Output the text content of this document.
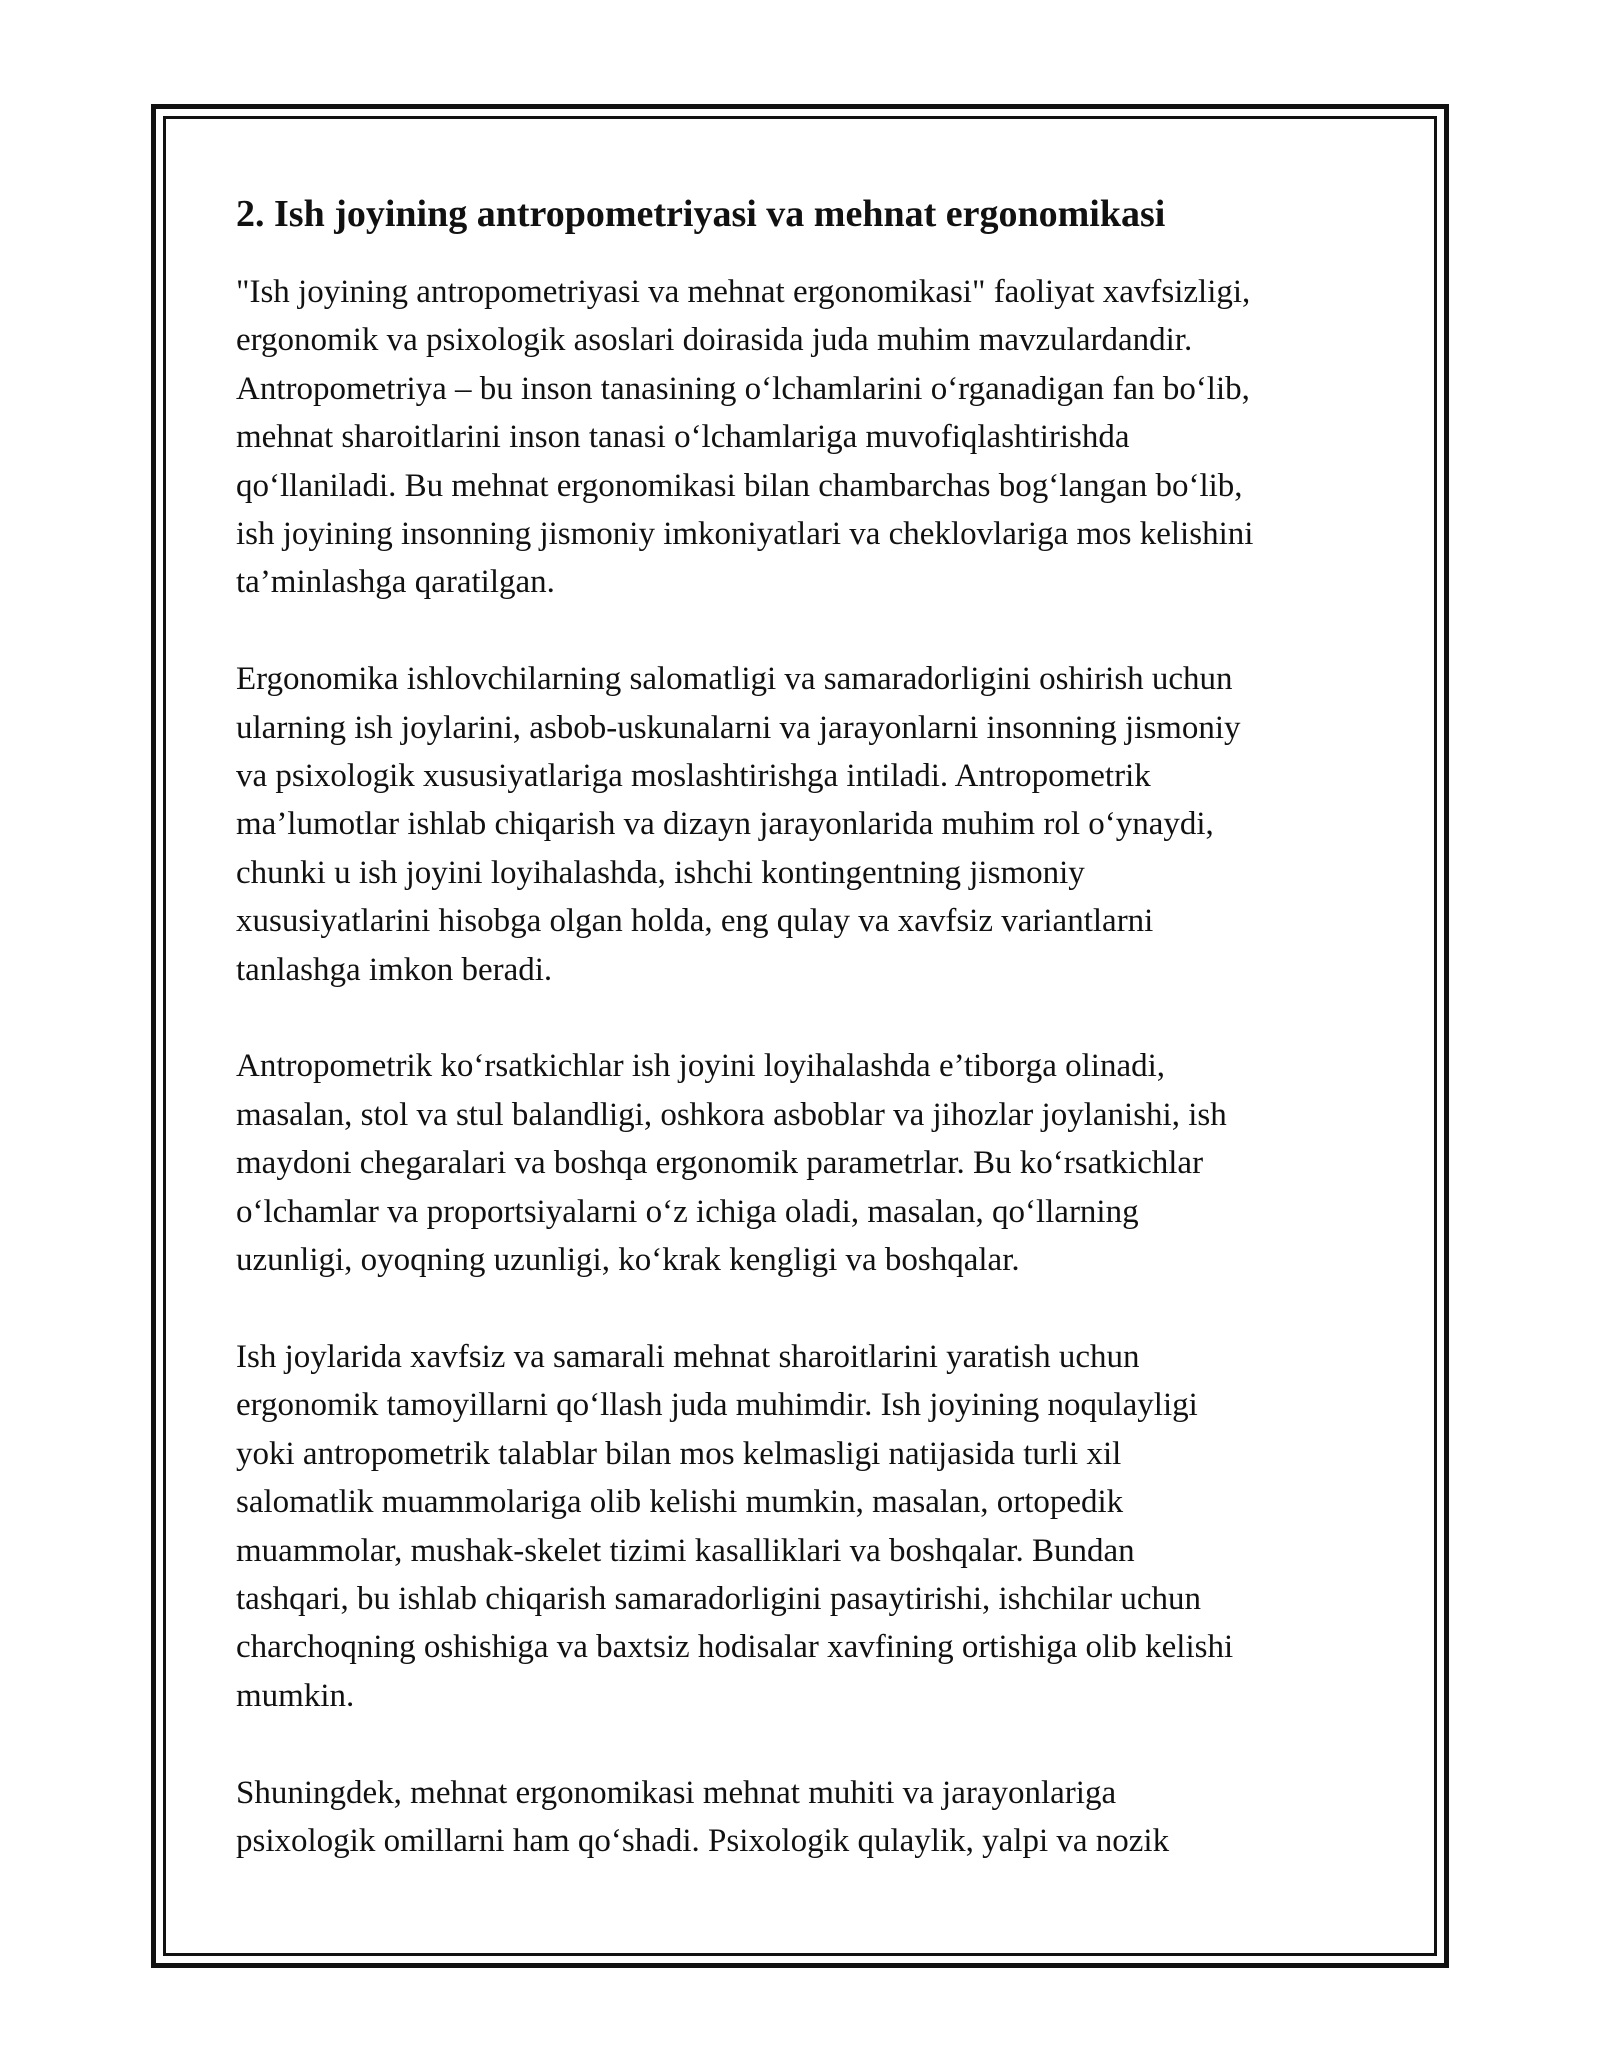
2. Ish joyining antropometriyasi va mehnat ergonomikasi

"Ish joyining antropometriyasi va mehnat ergonomikasi" faoliyat xavfsizligi,

ergonomik va psixologik asoslari doirasida juda muhim mavzulardandir.

Antropometriya – bu inson tanasining oʻlchamlarini oʻrganadigan fan boʻlib,

mehnat sharoitlarini inson tanasi oʻlchamlariga muvofiqlashtirishda

qoʻllaniladi. Bu mehnat ergonomikasi bilan chambarchas bogʻlangan boʻlib,

ish joyining insonning jismoniy imkoniyatlari va cheklovlariga mos kelishini

ta’minlashga qaratilgan.

Ergonomika ishlovchilarning salomatligi va samaradorligini oshirish uchun

ularning ish joylarini, asbob-uskunalarni va jarayonlarni insonning jismoniy

va psixologik xususiyatlariga moslashtirishga intiladi. Antropometrik

ma’lumotlar ishlab chiqarish va dizayn jarayonlarida muhim rol oʻynaydi,

chunki u ish joyini loyihalashda, ishchi kontingentning jismoniy

xususiyatlarini hisobga olgan holda, eng qulay va xavfsiz variantlarni

tanlashga imkon beradi.

Antropometrik koʻrsatkichlar ish joyini loyihalashda e’tiborga olinadi,

masalan, stol va stul balandligi, oshkora asboblar va jihozlar joylanishi, ish

maydoni chegaralari va boshqa ergonomik parametrlar. Bu koʻrsatkichlar

oʻlchamlar va proportsiyalarni oʻz ichiga oladi, masalan, qoʻllarning

uzunligi, oyoqning uzunligi, koʻkrak kengligi va boshqalar.

Ish joylarida xavfsiz va samarali mehnat sharoitlarini yaratish uchun

ergonomik tamoyillarni qoʻllash juda muhimdir. Ish joyining noqulayligi

yoki antropometrik talablar bilan mos kelmasligi natijasida turli xil

salomatlik muammolariga olib kelishi mumkin, masalan, ortopedik

muammolar, mushak-skelet tizimi kasalliklari va boshqalar. Bundan

tashqari, bu ishlab chiqarish samaradorligini pasaytirishi, ishchilar uchun

charchoqning oshishiga va baxtsiz hodisalar xavfining ortishiga olib kelishi

mumkin.

Shuningdek, mehnat ergonomikasi mehnat muhiti va jarayonlariga

psixologik omillarni ham qoʻshadi. Psixologik qulaylik, yalpi va nozik
